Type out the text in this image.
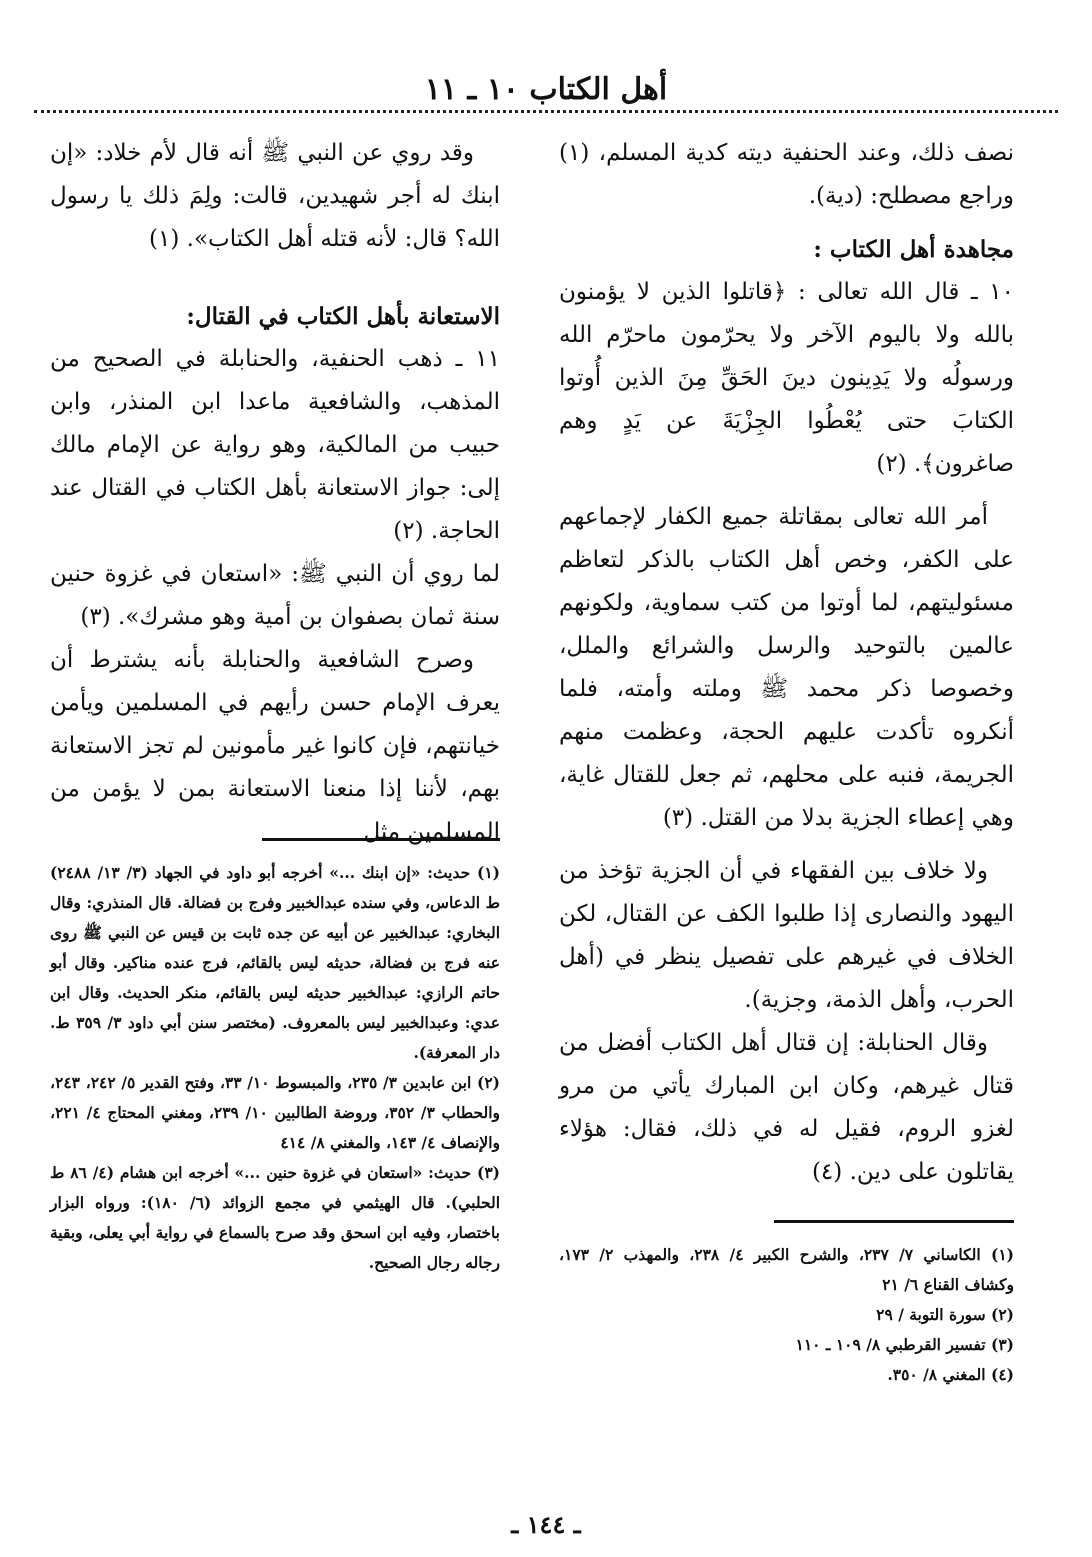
أهل الكتاب ١٠ ـ ١١

نصف ذلك، وعند الحنفية ديته كدية المسلم، (١) وراجع مصطلح: (دية).

مجاهدة أهل الكتاب :

١٠ ـ قال الله تعالى : ﴿قاتلوا الذين لا يؤمنون بالله ولا باليوم الآخر ولا يحرّمون ماحرّم الله ورسولُه ولا يَدِينون دينَ الحَقِّ مِنَ الذين أُوتوا الكتابَ حتى يُعْطُوا الجِزْيَةَ عن يَدٍ وهم صاغرون﴾. (٢)

أمر الله تعالى بمقاتلة جميع الكفار لإجماعهم على الكفر، وخص أهل الكتاب بالذكر لتعاظم مسئوليتهم، لما أوتوا من كتب سماوية، ولكونهم عالمين بالتوحيد والرسل والشرائع والملل، وخصوصا ذكر محمد ﷺ وملته وأمته، فلما أنكروه تأكدت عليهم الحجة، وعظمت منهم الجريمة، فنبه على محلهم، ثم جعل للقتال غاية، وهي إعطاء الجزية بدلا من القتل. (٣)

ولا خلاف بين الفقهاء في أن الجزية تؤخذ من اليهود والنصارى إذا طلبوا الكف عن القتال، لكن الخلاف في غيرهم على تفصيل ينظر في (أهل الحرب، وأهل الذمة، وجزية).

وقال الحنابلة: إن قتال أهل الكتاب أفضل من قتال غيرهم، وكان ابن المبارك يأتي من مرو لغزو الروم، فقيل له في ذلك، فقال: هؤلاء يقاتلون على دين. (٤)

وقد روي عن النبي ﷺ أنه قال لأم خلاد: «إن ابنك له أجر شهيدين، قالت: ولِمَ ذلك يا رسول الله؟ قال: لأنه قتله أهل الكتاب». (١)

الاستعانة بأهل الكتاب في القتال:

١١ ـ ذهب الحنفية، والحنابلة في الصحيح من المذهب، والشافعية ماعدا ابن المنذر، وابن حبيب من المالكية، وهو رواية عن الإمام مالك إلى: جواز الاستعانة بأهل الكتاب في القتال عند الحاجة. (٢)

لما روي أن النبي ﷺ: «استعان في غزوة حنين سنة ثمان بصفوان بن أمية وهو مشرك». (٣)

وصرح الشافعية والحنابلة بأنه يشترط أن يعرف الإمام حسن رأيهم في المسلمين ويأمن خيانتهم، فإن كانوا غير مأمونين لم تجز الاستعانة بهم، لأننا إذا منعنا الاستعانة بمن لا يؤمن من المسلمين مثل

(١) حديث: «إن ابنك ...» أخرجه أبو داود في الجهاد (٣/ ١٣/ ٢٤٨٨) ط الدعاس، وفي سنده عبدالخبير وفرج بن فضالة. قال المنذري: وقال البخاري: عبدالخبير عن أبيه عن جده ثابت بن قيس عن النبي ﷺ روى عنه فرج بن فضالة، حديثه ليس بالقائم، فرج عنده مناكير. وقال أبو حاتم الرازي: عبدالخبير حديثه ليس بالقائم، منكر الحديث. وقال ابن عدي: وعبدالخبير ليس بالمعروف. (مختصر سنن أبي داود ٣/ ٣٥٩ ط. دار المعرفة).

(٢) ابن عابدين ٣/ ٢٣٥، والمبسوط ١٠/ ٣٣، وفتح القدير ٥/ ٢٤٢، ٢٤٣، والحطاب ٣/ ٣٥٢، وروضة الطالبين ١٠/ ٢٣٩، ومغني المحتاج ٤/ ٢٢١، والإنصاف ٤/ ١٤٣، والمغني ٨/ ٤١٤

(٣) حديث: «استعان في غزوة حنين ...» أخرجه ابن هشام (٤/ ٨٦ ط الحلبي). قال الهيثمي في مجمع الزوائد (٦/ ١٨٠): ورواه البزار باختصار، وفيه ابن اسحق وقد صرح بالسماع في رواية أبي يعلى، وبقية رجاله رجال الصحيح.	(١) الكاساني ٧/ ٢٣٧، والشرح الكبير ٤/ ٢٣٨، والمهذب ٢/ ١٧٣، وكشاف القناع ٦/ ٢١

(٢) سورة التوبة / ٢٩

(٣) تفسير القرطبي ٨/ ١٠٩ ـ ١١٠

(٤) المغني ٨/ ٣٥٠.

ـ ١٤٤ ـ
